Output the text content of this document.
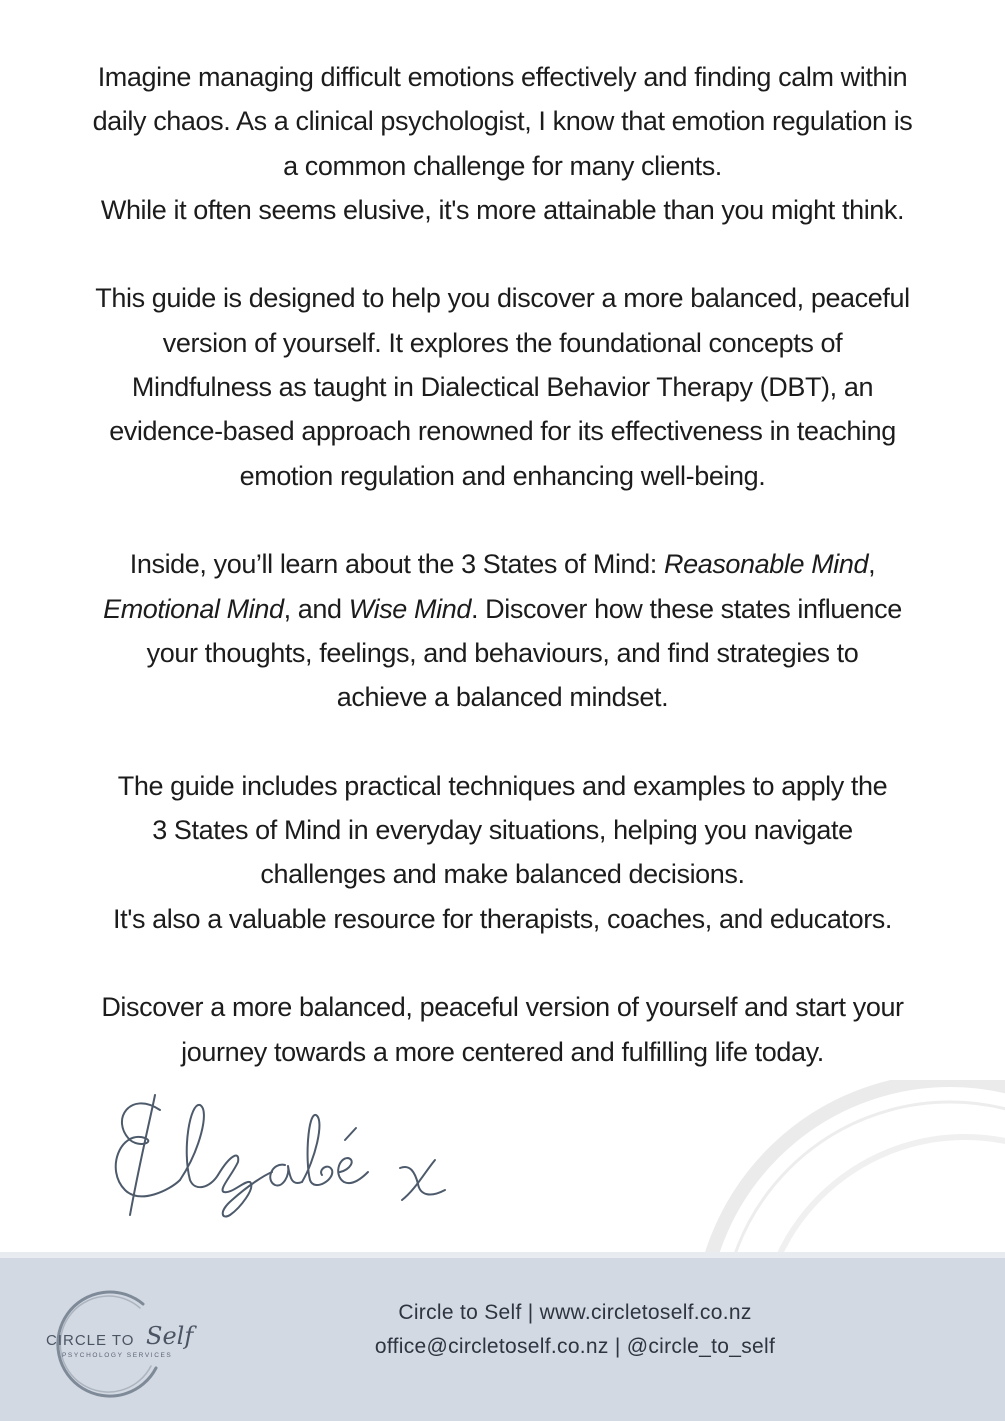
Imagine managing difficult emotions effectively and finding calm within
daily chaos. As a clinical psychologist, I know that emotion regulation is
a common challenge for many clients.
While it often seems elusive, it's more attainable than you might think.

This guide is designed to help you discover a more balanced, peaceful
version of yourself. It explores the foundational concepts of
Mindfulness as taught in Dialectical Behavior Therapy (DBT), an
evidence-based approach renowned for its effectiveness in teaching
emotion regulation and enhancing well-being.

Inside, you’ll learn about the 3 States of Mind: Reasonable Mind,
Emotional Mind, and Wise Mind. Discover how these states influence
your thoughts, feelings, and behaviours, and find strategies to
achieve a balanced mindset.

The guide includes practical techniques and examples to apply the
3 States of Mind in everyday situations, helping you navigate
challenges and make balanced decisions.
It's also a valuable resource for therapists, coaches, and educators.

Discover a more balanced, peaceful version of yourself and start your
journey towards a more centered and fulfilling life today.

CIRCLE TO Self
PSYCHOLOGY SERVICES
Circle to Self | www.circletoself.co.nz
office@circletoself.co.nz | @circle_to_self
